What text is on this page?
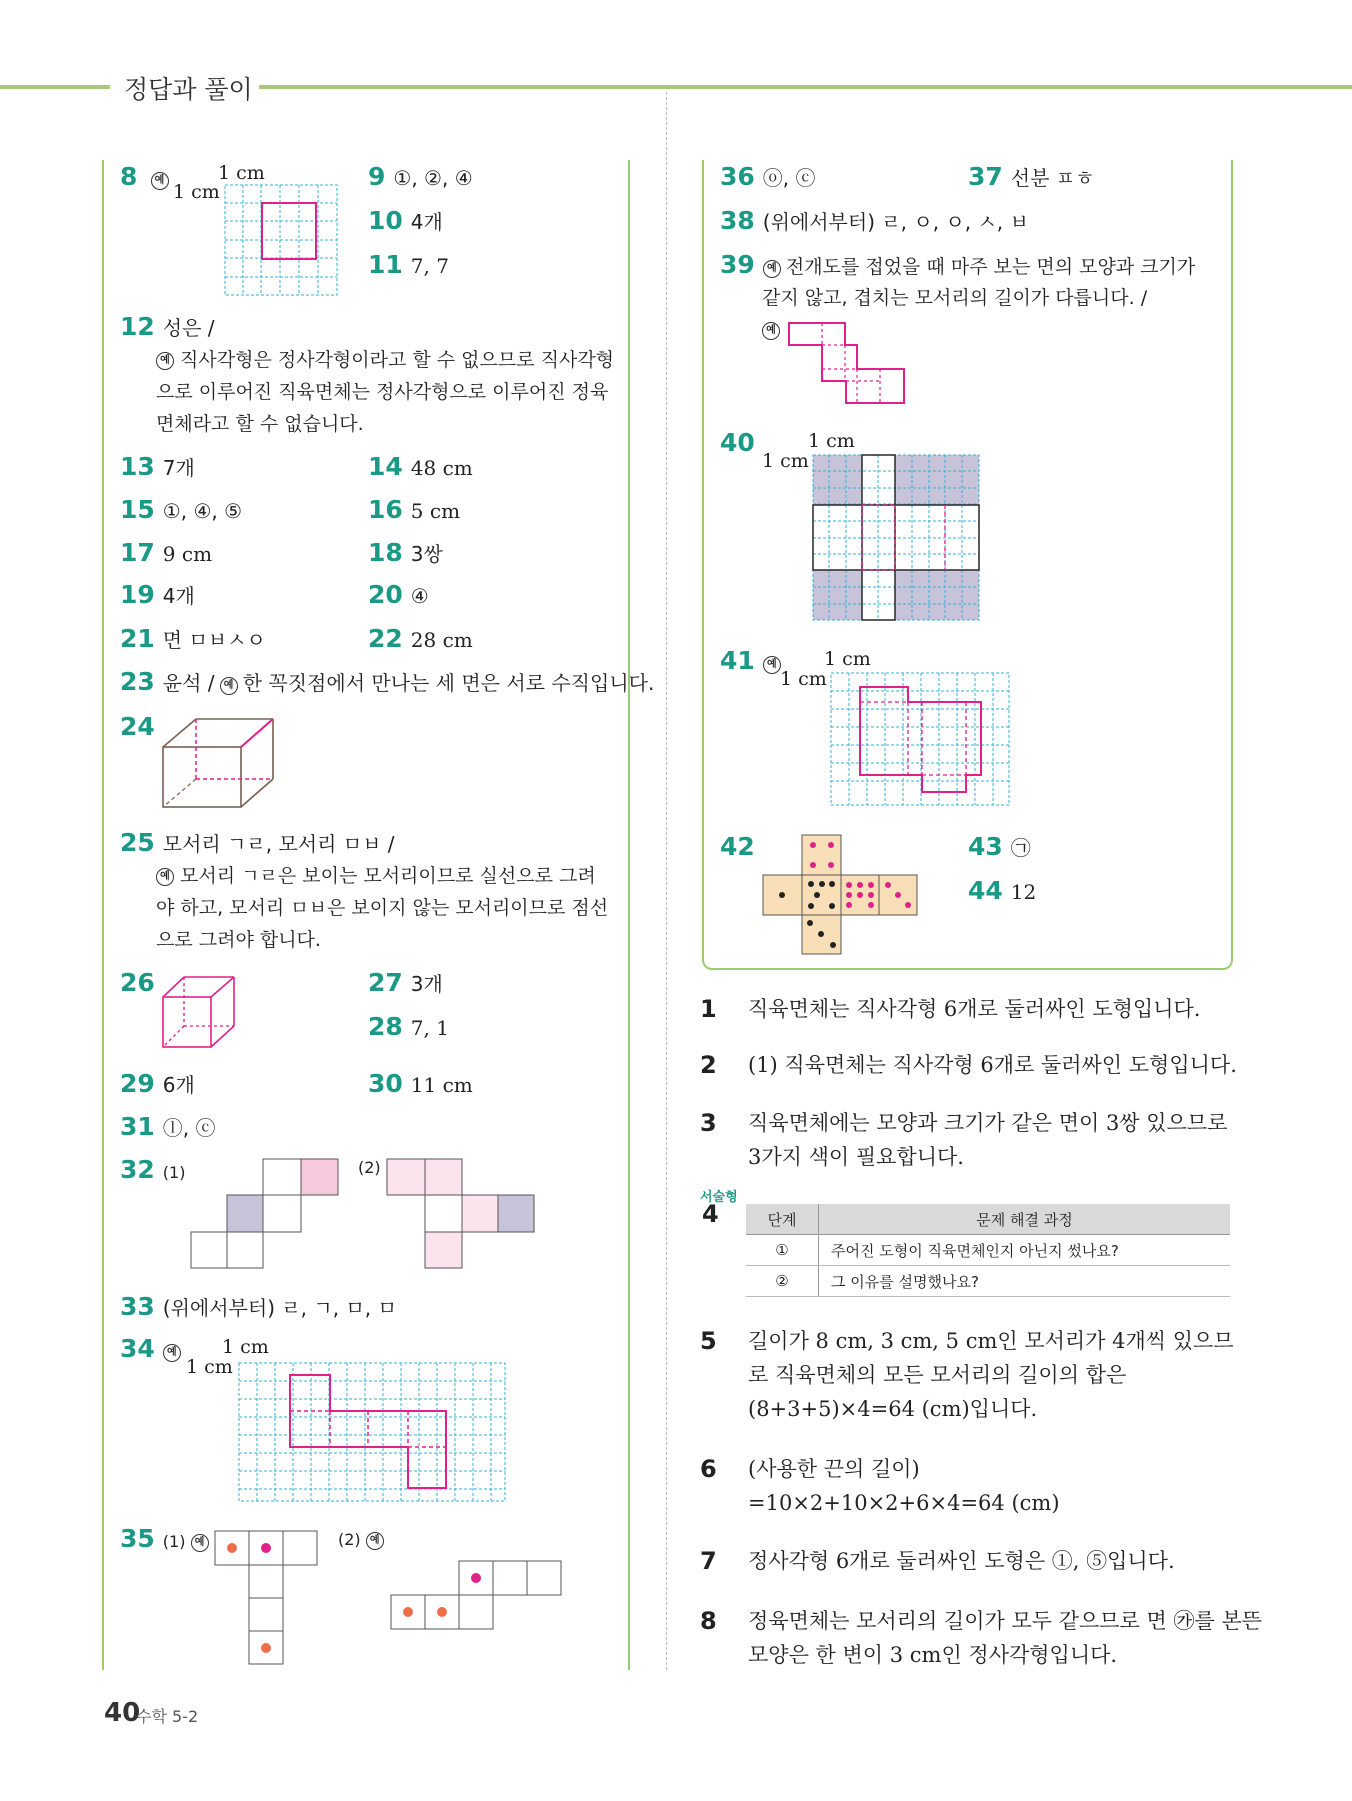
정답과 풀이
8 예	1 cm
1 cm
9 ①, ②, ④
10 4개
11 7, 7
12 성은 /
예 직사각형은 정사각형이라고 할 수 없으므로 직사각형
으로 이루어진 직육면체는 정사각형으로 이루어진 정육
면체라고 할 수 없습니다.
13 7개	14 48 cm
15 ①, ④, ⑤	16 5 cm
17 9 cm	18 3쌍
19 4개	20 ④
21 면 ㅁㅂㅅㅇ	22 28 cm
23 윤석 / 예 한 꼭짓점에서 만나는 세 면은 서로 수직입니다.
24
25 모서리 ㄱㄹ, 모서리 ㅁㅂ /
예 모서리 ㄱㄹ은 보이는 모서리이므로 실선으로 그려
야 하고, 모서리 ㅁㅂ은 보이지 않는 모서리이므로 점선
으로 그려야 합니다.
26	27 3개
28 7, 1
29 6개	30 11 cm
31 ⓛ, ⓒ
32 (1)	(2)
33 (위에서부터) ㄹ, ㄱ, ㅁ, ㅁ
34 예 1 cm
1 cm
35 (1) 예	(2) 예
36 ⓞ, ⓒ	37 선분 ㅍㅎ
38 (위에서부터) ㄹ, ㅇ, ㅇ, ㅅ, ㅂ
39 예 전개도를 접었을 때 마주 보는 면의 모양과 크기가
같지 않고, 겹치는 모서리의 길이가 다릅니다. /
예
40	1 cm
1 cm
41 예 1 cm
1 cm
42	43 ㉠
44 12
1 직육면체는 직사각형 6개로 둘러싸인 도형입니다.
2 (1) 직육면체는 직사각형 6개로 둘러싸인 도형입니다.
3 직육면체에는 모양과 크기가 같은 면이 3쌍 있으므로
3가지 색이 필요합니다.
서술형
4	단계	문제 해결 과정
①	주어진 도형이 직육면체인지 아닌지 썼나요?
②	그 이유를 설명했나요?
5 길이가 8 cm, 3 cm, 5 cm인 모서리가 4개씩 있으므
로 직육면체의 모든 모서리의 길이의 합은
(8+3+5)×4=64 (cm)입니다.
6 (사용한 끈의 길이)
=10×2+10×2+6×4=64 (cm)
7 정사각형 6개로 둘러싸인 도형은 ①, ⑤입니다.
8 정육면체는 모서리의 길이가 모두 같으므로 면 ㉮를 본뜬
모양은 한 변이 3 cm인 정사각형입니다.
40
수학 5-2
